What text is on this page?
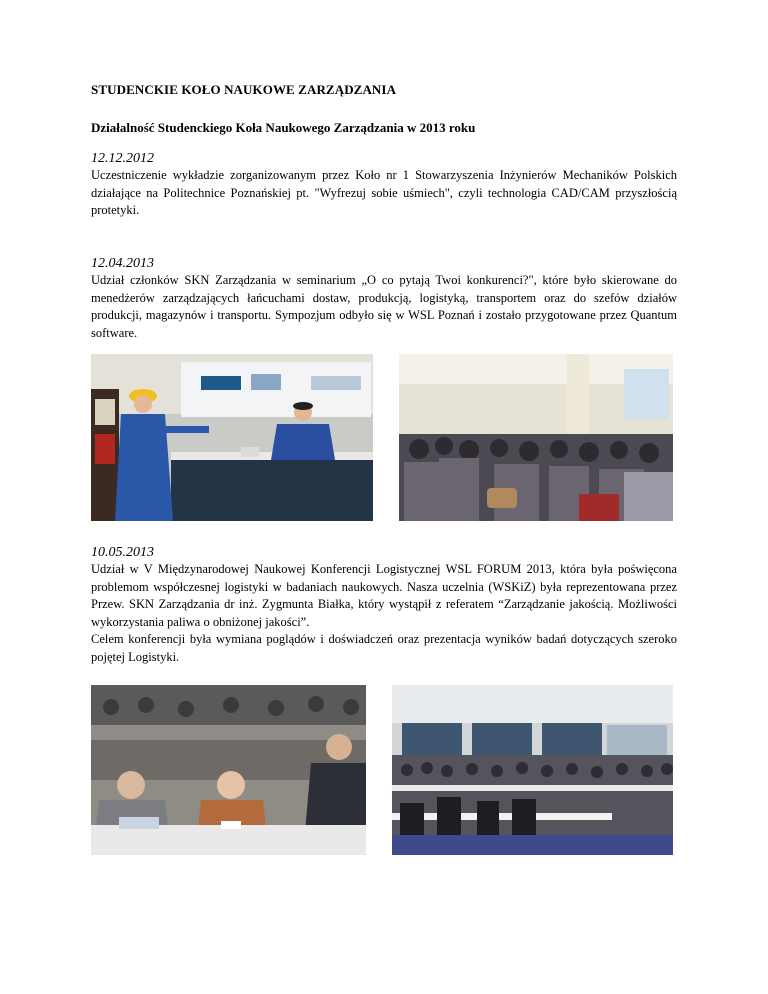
STUDENCKIE KOŁO NAUKOWE ZARZĄDZANIA
Działalność Studenckiego Koła Naukowego Zarządzania w 2013 roku
12.12.2012

Uczestniczenie wykładzie zorganizowanym przez Koło nr 1 Stowarzyszenia Inżynierów Mechaników Polskich działające na Politechnice Poznańskiej pt. "Wyfrezuj sobie uśmiech", czyli technologia CAD/CAM przyszłością protetyki.

12.04.2013

Udział członków SKN Zarządzania w seminarium „O co pytają Twoi konkurenci?", które było skierowane do menedżerów zarządzających łańcuchami dostaw, produkcją, logistyką, transportem oraz do szefów działów produkcji, magazynów i transportu. Sympozjum odbyło się w WSL Poznań i zostało przygotowane przez Quantum software.

10.05.2013

Udział w V Międzynarodowej Naukowej Konferencji Logistycznej WSL FORUM 2013, która była poświęcona problemom współczesnej logistyki w badaniach naukowych. Nasza uczelnia (WSKiZ) była reprezentowana przez Przew. SKN Zarządzania dr inż. Zygmunta Białka, który wystąpił z referatem “Zarządzanie jakością. Możliwości wykorzystania paliwa o obniżonej jakości”.

Celem konferencji była wymiana poglądów i doświadczeń oraz prezentacja wyników badań dotyczących szeroko pojętej Logistyki.
